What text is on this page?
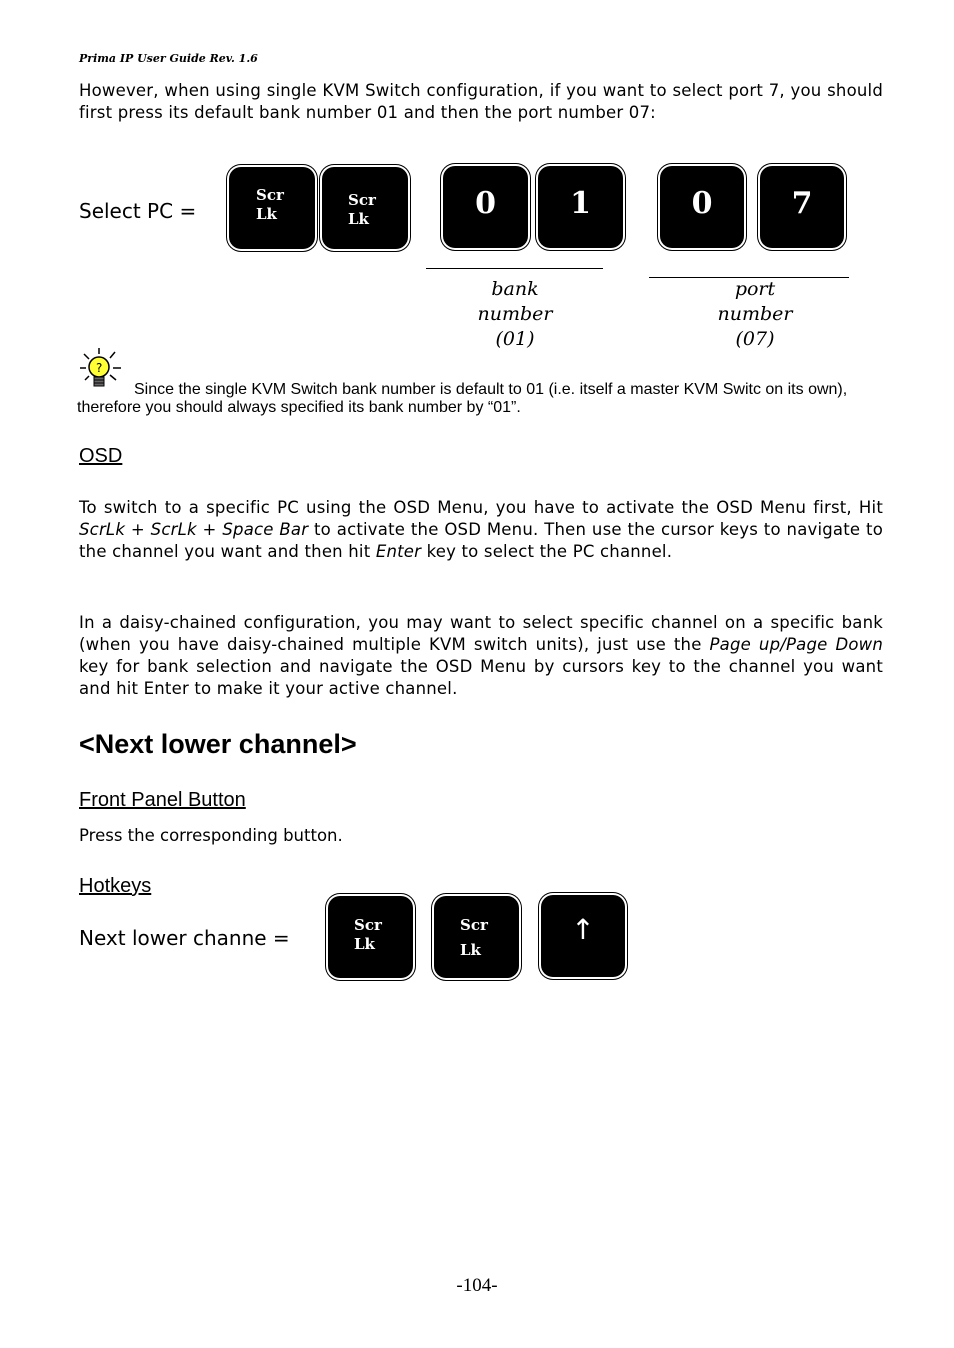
Prima IP User Guide Rev. 1.6
However, when using single KVM Switch configuration, if you want to select port 7, you should first press its default bank number 01 and then the port number 07:
Select PC =
Scr
Lk
Scr
Lk	0	1	0	7
bank
number
(01)
port
number
(07)
?
Since the single KVM Switch bank number is default to 01 (i.e. itself a master KVM Switc on its own), therefore you should always specified its bank number by “01”.
OSD
To switch to a specific PC using the OSD Menu, you have to activate the OSD Menu first, Hit ScrLk + ScrLk + Space Bar to activate the OSD Menu. Then use the cursor keys to navigate to the channel you want and then hit Enter key to select the PC channel.
In a daisy-chained configuration, you may want to select specific channel on a specific bank (when you have daisy-chained multiple KVM switch units), just use the Page up/Page Down key for bank selection and navigate the OSD Menu by cursors key to the channel you want and hit Enter to make it your active channel.
<Next lower channel>
Front Panel Button
Press the corresponding button.
Hotkeys
Next lower channe =
Scr
Lk
Scr
Lk
↑
-104-
